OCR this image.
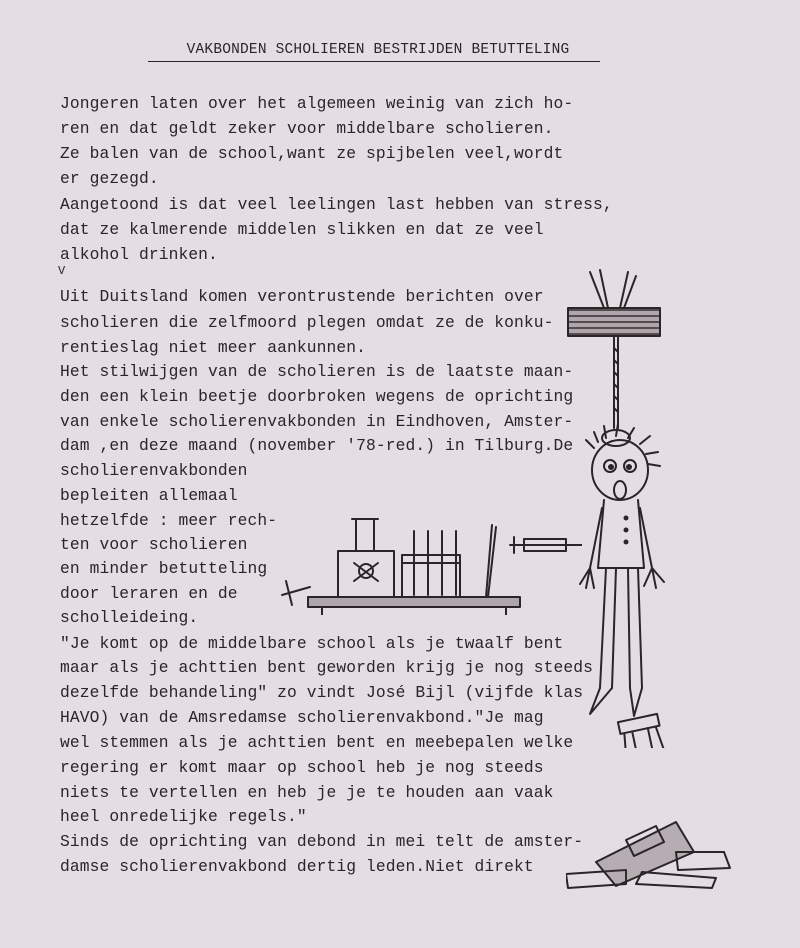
VAKBONDEN SCHOLIEREN BESTRIJDEN BETUTTELING
Jongeren laten over het algemeen weinig van zich ho-
ren en dat geldt zeker voor middelbare scholieren.
Ze balen van de school,want ze spijbelen veel,wordt
er gezegd.
Aangetoond is dat veel leelingen last hebben van stress,
dat ze kalmerende middelen slikken en dat ze veel
alkohol drinken.
V
Uit Duitsland komen verontrustende berichten over
scholieren die zelfmoord plegen omdat ze de konku-
rentieslag niet meer aankunnen.
Het stilwijgen van de scholieren is de laatste maan-
den een klein beetje doorbroken wegens de oprichting
van enkele scholierenvakbonden in Eindhoven, Amster-
dam ,en deze maand (november '78-red.) in Tilburg.De
scholierenvakbonden
bepleiten allemaal
hetzelfde : meer rech-
ten voor scholieren
en minder betutteling
door leraren en de
scholleideing.
"Je komt op de middelbare school als je twaalf bent
maar als je achttien bent geworden krijg je nog steeds
dezelfde behandeling" zo vindt José Bijl (vijfde klas
HAVO) van de Amsredamse scholierenvakbond."Je mag
wel stemmen als je achttien bent en meebepalen welke
regering er komt maar op school heb je nog steeds
niets te vertellen en heb je je te houden aan vaak
heel onredelijke regels."
Sinds de oprichting van debond in mei telt de amster-
damse scholierenvakbond dertig leden.Niet direkt
